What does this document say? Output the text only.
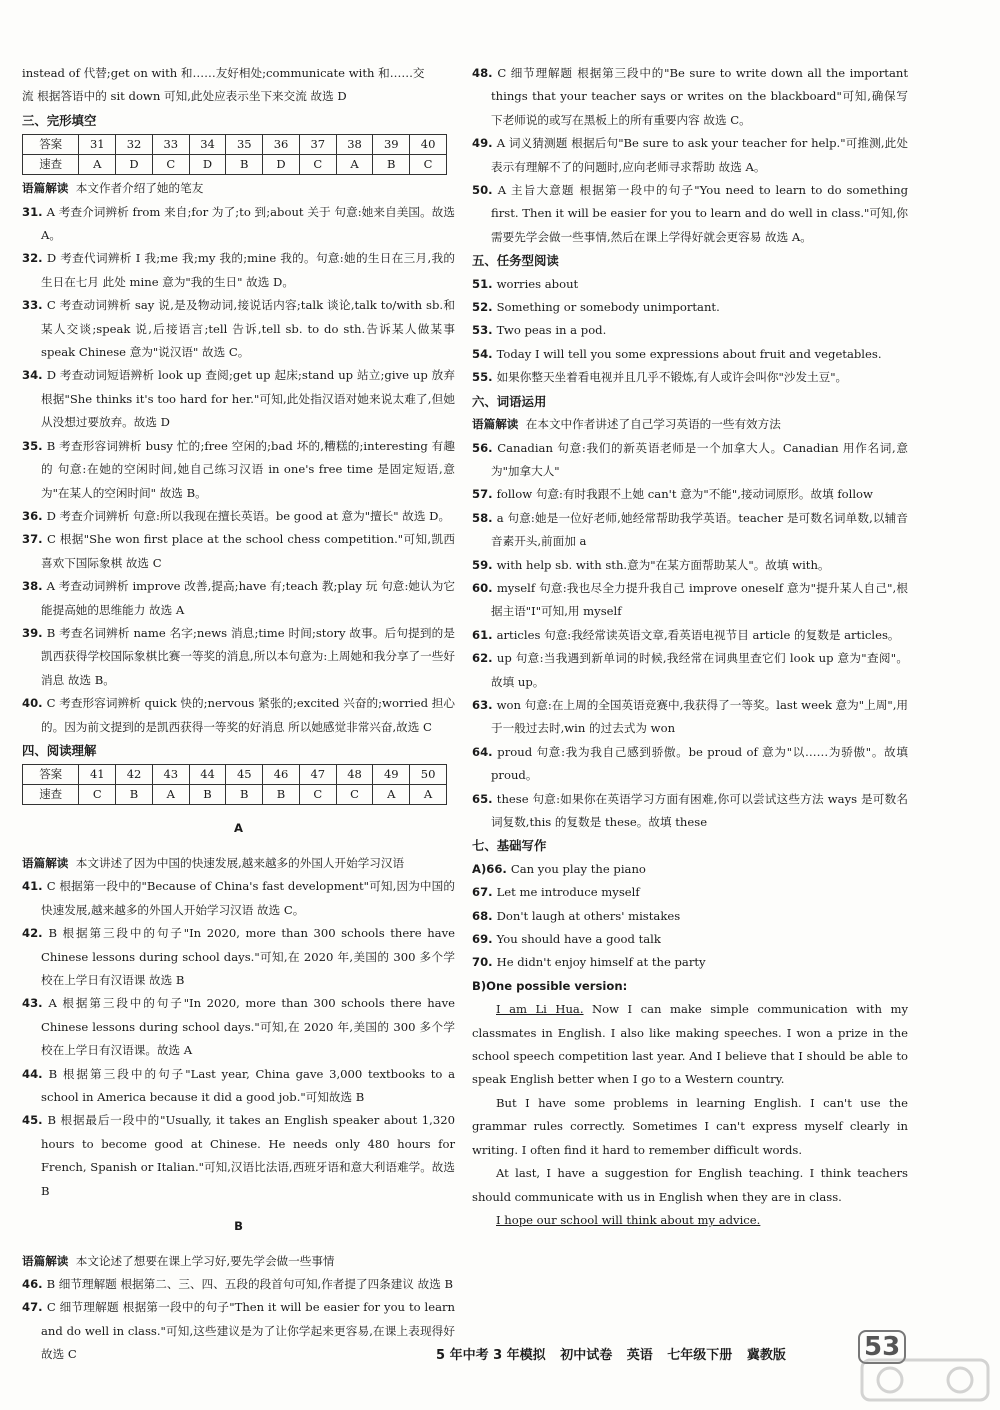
instead of 代替;get on with 和……友好相处;communicate with 和……交

流 根据答语中的 sit down 可知,此处应表示坐下来交流 故选 D

三、完形填空

答案	31	32	33	34	35	36	37	38	39	40
速查	A	D	C	D	B	D	C	A	B	C

语篇解读 本文作者介绍了她的笔友

31. A 考查介词辨析 from 来自;for 为了;to 到;about 关于 句意:她来自美国。故选 A。

32. D 考查代词辨析 I 我;me 我;my 我的;mine 我的。句意:她的生日在三月,我的生日在七月 此处 mine 意为"我的生日" 故选 D。

33. C 考查动词辨析 say 说,是及物动词,接说话内容;talk 谈论,talk to/with sb.和某人交谈;speak 说,后接语言;tell 告诉,tell sb. to do sth.告诉某人做某事 speak Chinese 意为"说汉语" 故选 C。

34. D 考查动词短语辨析 look up 查阅;get up 起床;stand up 站立;give up 放弃 根据"She thinks it's too hard for her."可知,此处指汉语对她来说太难了,但她从没想过要放弃。故选 D

35. B 考查形容词辨析 busy 忙的;free 空闲的;bad 坏的,糟糕的;interesting 有趣的 句意:在她的空闲时间,她自己练习汉语 in one's free time 是固定短语,意为"在某人的空闲时间" 故选 B。

36. D 考查介词辨析 句意:所以我现在擅长英语。be good at 意为"擅长" 故选 D。

37. C 根据"She won first place at the school chess competition."可知,凯西喜欢下国际象棋 故选 C

38. A 考查动词辨析 improve 改善,提高;have 有;teach 教;play 玩 句意:她认为它能提高她的思维能力 故选 A

39. B 考查名词辨析 name 名字;news 消息;time 时间;story 故事。后句提到的是凯西获得学校国际象棋比赛一等奖的消息,所以本句意为:上周她和我分享了一些好消息 故选 B。

40. C 考查形容词辨析 quick 快的;nervous 紧张的;excited 兴奋的;worried 担心的。因为前文提到的是凯西获得一等奖的好消息 所以她感觉非常兴奋,故选 C

四、阅读理解

答案	41	42	43	44	45	46	47	48	49	50
速查	C	B	A	B	B	B	C	C	A	A

A

语篇解读 本文讲述了因为中国的快速发展,越来越多的外国人开始学习汉语

41. C 根据第一段中的"Because of China's fast development"可知,因为中国的快速发展,越来越多的外国人开始学习汉语 故选 C。

42. B 根据第三段中的句子"In 2020, more than 300 schools there have Chinese lessons during school days."可知,在 2020 年,美国的 300 多个学校在上学日有汉语课 故选 B

43. A 根据第三段中的句子"In 2020, more than 300 schools there have Chinese lessons during school days."可知,在 2020 年,美国的 300 多个学校在上学日有汉语课。故选 A

44. B 根据第三段中的句子"Last year, China gave 3,000 textbooks to a school in America because it did a good job."可知故选 B

45. B 根据最后一段中的"Usually, it takes an English speaker about 1,320 hours to become good at Chinese. He needs only 480 hours for French, Spanish or Italian."可知,汉语比法语,西班牙语和意大利语难学。故选 B

B

语篇解读 本文论述了想要在课上学习好,要先学会做一些事情

46. B 细节理解题 根据第二、三、四、五段的段首句可知,作者提了四条建议 故选 B

47. C 细节理解题 根据第一段中的句子"Then it will be easier for you to learn and do well in class."可知,这些建议是为了让你学起来更容易,在课上表现得好 故选 C

48. C 细节理解题 根据第三段中的"Be sure to write down all the important things that your teacher says or writes on the blackboard"可知,确保写下老师说的或写在黑板上的所有重要内容 故选 C。

49. A 词义猜测题 根据后句"Be sure to ask your teacher for help."可推测,此处表示有理解不了的问题时,应向老师寻求帮助 故选 A。

50. A 主旨大意题 根据第一段中的句子"You need to learn to do something first. Then it will be easier for you to learn and do well in class."可知,你需要先学会做一些事情,然后在课上学得好就会更容易 故选 A。

五、任务型阅读

51. worries about

52. Something or somebody unimportant.

53. Two peas in a pod.

54. Today I will tell you some expressions about fruit and vegetables.

55. 如果你整天坐着看电视并且几乎不锻炼,有人或许会叫你"沙发土豆"。

六、词语运用

语篇解读 在本文中作者讲述了自己学习英语的一些有效方法

56. Canadian 句意:我们的新英语老师是一个加拿大人。Canadian 用作名词,意为"加拿大人"

57. follow 句意:有时我跟不上她 can't 意为"不能",接动词原形。故填 follow

58. a 句意:她是一位好老师,她经常帮助我学英语。teacher 是可数名词单数,以辅音音素开头,前面加 a

59. with help sb. with sth.意为"在某方面帮助某人"。故填 with。

60. myself 句意:我也尽全力提升我自己 improve oneself 意为"提升某人自己",根据主语"I"可知,用 myself

61. articles 句意:我经常读英语文章,看英语电视节目 article 的复数是 articles。

62. up 句意:当我遇到新单词的时候,我经常在词典里查它们 look up 意为"查阅"。故填 up。

63. won 句意:在上周的全国英语竞赛中,我获得了一等奖。last week 意为"上周",用于一般过去时,win 的过去式为 won

64. proud 句意:我为我自己感到骄傲。be proud of 意为"以……为骄傲"。故填 proud。

65. these 句意:如果你在英语学习方面有困难,你可以尝试这些方法 ways 是可数名词复数,this 的复数是 these。故填 these

七、基础写作

A)66. Can you play the piano

67. Let me introduce myself

68. Don't laugh at others' mistakes

69. You should have a good talk

70. He didn't enjoy himself at the party

B)One possible version:

I am Li Hua. Now I can make simple communication with my classmates in English. I also like making speeches. I won a prize in the school speech competition last year. And I believe that I should be able to speak English better when I go to a Western country.

But I have some problems in learning English. I can't use the grammar rules correctly. Sometimes I can't express myself clearly in writing. I often find it hard to remember difficult words.

At last, I have a suggestion for English teaching. I think teachers should communicate with us in English when they are in class.

I hope our school will think about my advice.

5 年中考 3 年模拟 初中试卷 英语 七年级下册 冀教版	53
